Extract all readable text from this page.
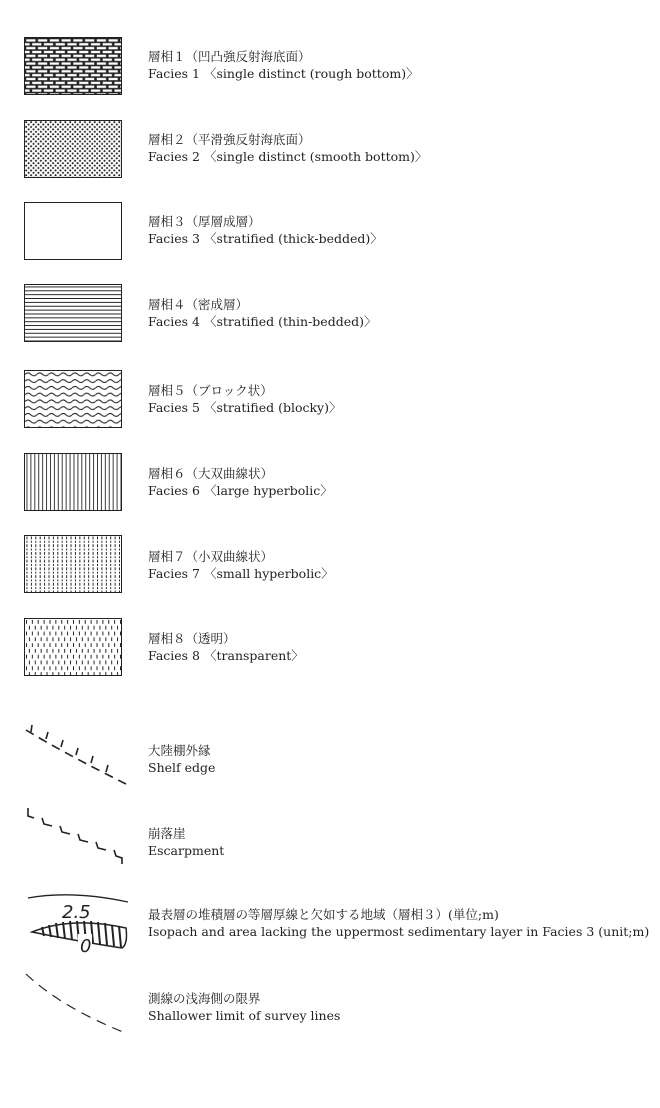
層相１（凹凸強反射海底面）
Facies 1 〈single distinct (rough bottom)〉
層相２（平滑強反射海底面）
Facies 2 〈single distinct (smooth bottom)〉
層相３（厚層成層）
Facies 3 〈stratified (thick-bedded)〉
層相４（密成層）
Facies 4 〈stratified (thin-bedded)〉
層相５（ブロック状）
Facies 5 〈stratified (blocky)〉
層相６（大双曲線状）
Facies 6 〈large hyperbolic〉
層相７（小双曲線状）
Facies 7 〈small hyperbolic〉
層相８（透明）
Facies 8 〈transparent〉
大陸棚外縁
Shelf edge
崩落崖
Escarpment
2.5
0
最表層の堆積層の等層厚線と欠如する地域（層相３）(単位;m)
Isopach and area lacking the uppermost sedimentary layer in Facies 3 (unit;m)
測線の浅海側の限界
Shallower limit of survey lines
